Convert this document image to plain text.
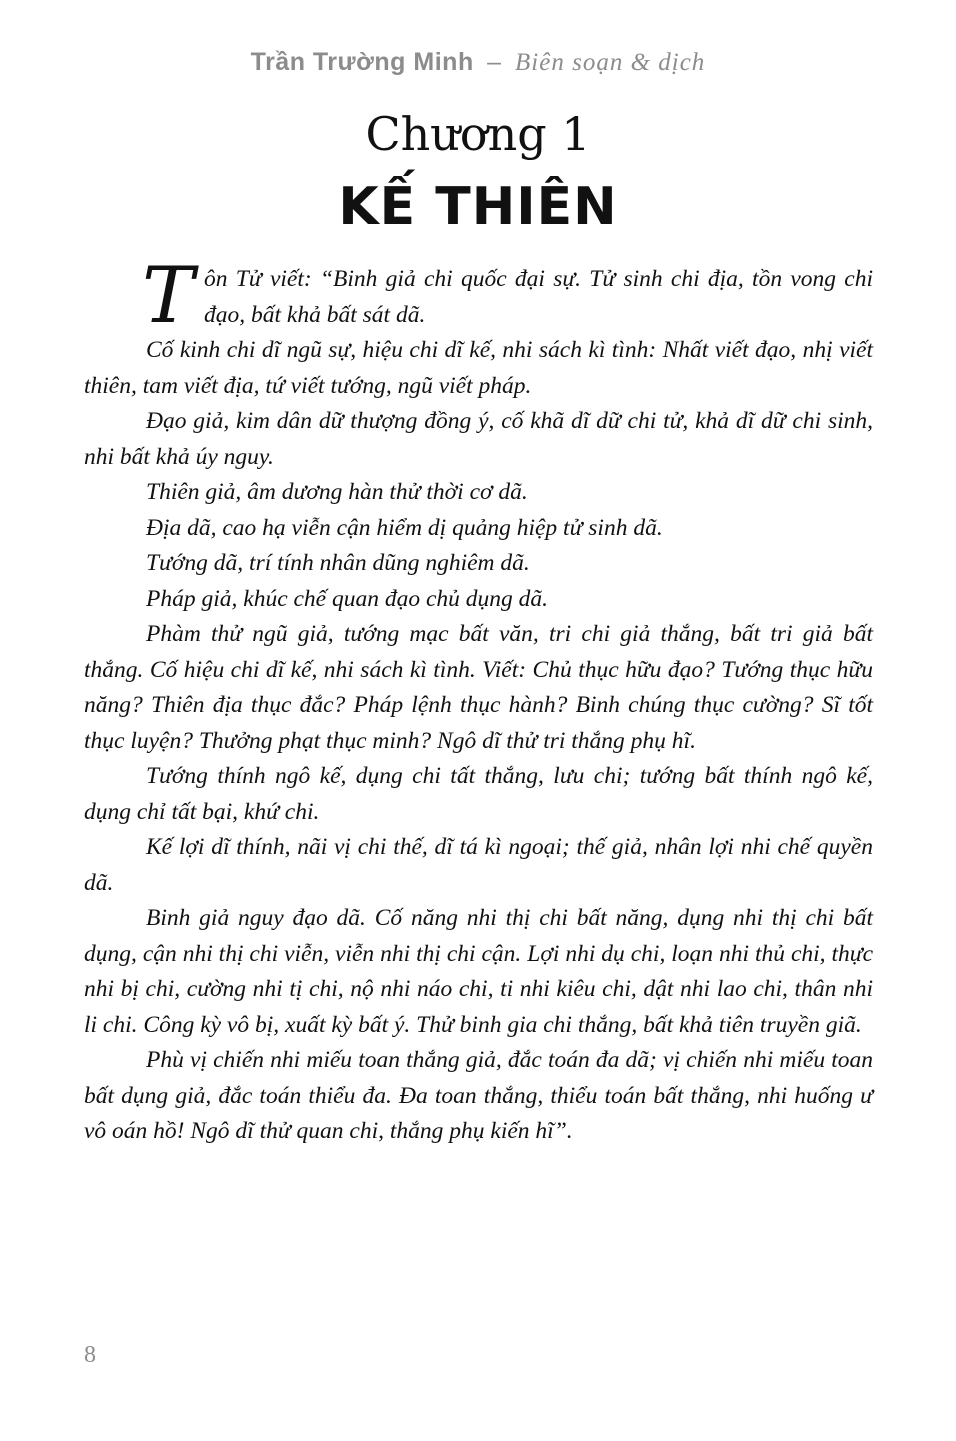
Trần Trường Minh – Biên soạn & dịch
Chương 1
KẾ THIÊN

Tôn Tử viết: “Binh giả chi quốc đại sự. Tử sinh chi địa, tồn vong chi đạo, bất khả bất sát dã.

Cố kinh chi dĩ ngũ sự, hiệu chi dĩ kế, nhi sách kì tình: Nhất viết đạo, nhị viết thiên, tam viết địa, tứ viết tướng, ngũ viết pháp.

Đạo giả, kim dân dữ thượng đồng ý, cố khã dĩ dữ chi tử, khả dĩ dữ chi sinh, nhi bất khả úy nguy.

Thiên giả, âm dương hàn thử thời cơ dã.

Địa dã, cao hạ viễn cận hiểm dị quảng hiệp tử sinh dã.

Tướng dã, trí tính nhân dũng nghiêm dã.

Pháp giả, khúc chế quan đạo chủ dụng dã.

Phàm thử ngũ giả, tướng mạc bất văn, tri chi giả thắng, bất tri giả bất thắng. Cố hiệu chi dĩ kế, nhi sách kì tình. Viết: Chủ thục hữu đạo? Tướng thục hữu năng? Thiên địa thục đắc? Pháp lệnh thục hành? Binh chúng thục cường? Sĩ tốt thục luyện? Thưởng phạt thục minh? Ngô dĩ thử tri thắng phụ hĩ.

Tướng thính ngô kế, dụng chi tất thắng, lưu chi; tướng bất thính ngô kế, dụng chỉ tất bại, khứ chi.

Kế lợi dĩ thính, nãi vị chi thế, dĩ tá kì ngoại; thế giả, nhân lợi nhi chế quyền dã.

Binh giả nguy đạo dã. Cố năng nhi thị chi bất năng, dụng nhi thị chi bất dụng, cận nhi thị chi viễn, viễn nhi thị chi cận. Lợi nhi dụ chi, loạn nhi thủ chi, thực nhi bị chi, cường nhi tị chi, nộ nhi náo chi, ti nhi kiêu chi, dật nhi lao chi, thân nhi li chi. Công kỳ vô bị, xuất kỳ bất ý. Thử binh gia chi thắng, bất khả tiên truyền giã.

Phù vị chiến nhi miếu toan thắng giả, đắc toán đa dã; vị chiến nhi miếu toan bất dụng giả, đắc toán thiểu đa. Đa toan thắng, thiểu toán bất thắng, nhi huống ư vô oán hồ! Ngô dĩ thử quan chi, thắng phụ kiến hĩ”.

8
